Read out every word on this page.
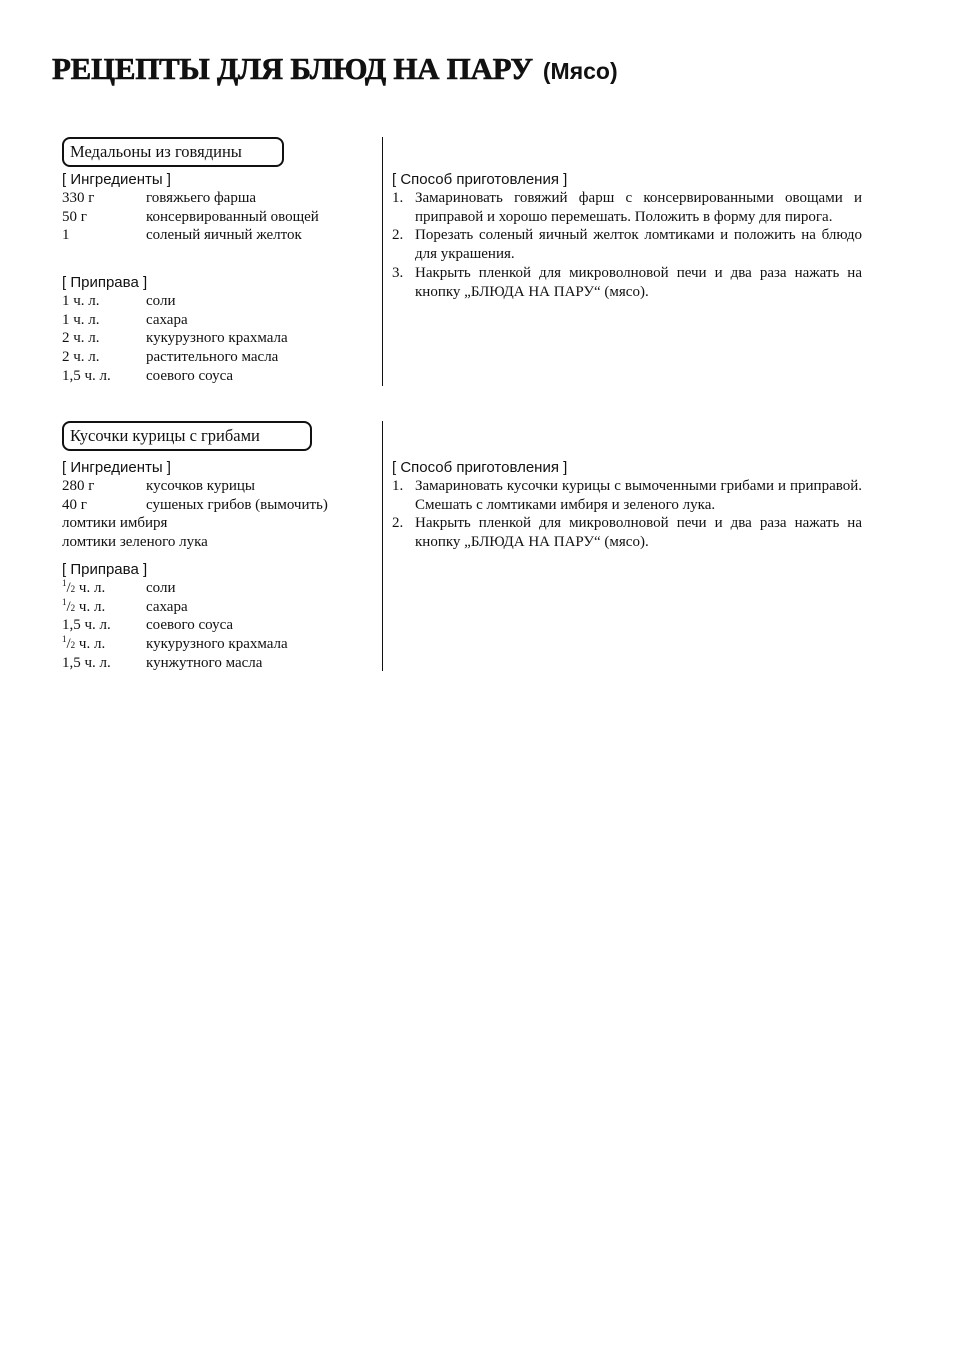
РЕЦЕПТЫ ДЛЯ БЛЮД НА ПАРУ (Мясо)
Медальоны из говядины
[ Ингредиенты ]
330 г	говяжьего фарша
50 г	консервированный овощей
1	соленый яичный желток
[ Приправа ]
1 ч. л.	соли
1 ч. л.	сахара
2 ч. л.	кукурузного крахмала
2 ч. л.	растительного масла
1,5 ч. л.	соевого соуса
[ Способ приготовления ]
1. Замариновать говяжий фарш с консервированными овощами и приправой и хорошо перемешать. Положить в форму для пирога.
2. Порезать соленый яичный желток ломтиками и положить на блюдо для украшения.
3. Накрыть пленкой для микроволновой печи и два раза нажать на кнопку „БЛЮДА НА ПАРУ“ (мясо).
Кусочки курицы с грибами
[ Ингредиенты ]
280 г	кусочков курицы
40 г	сушеных грибов (вымочить)
ломтики имбиря
ломтики зеленого лука
[ Приправа ]
$^1$/2 ч. л.	соли
$^1$/2 ч. л.	сахара
1,5 ч. л.	соевого соуса
$^1$/2 ч. л.	кукурузного крахмала
1,5 ч. л.	кунжутного масла
[ Способ приготовления ]
1. Замариновать кусочки курицы с вымоченными грибами и приправой. Смешать с ломтиками имбиря и зеленого лука.
2. Накрыть пленкой для микроволновой печи и два раза нажать на кнопку „БЛЮДА НА ПАРУ“ (мясо).
